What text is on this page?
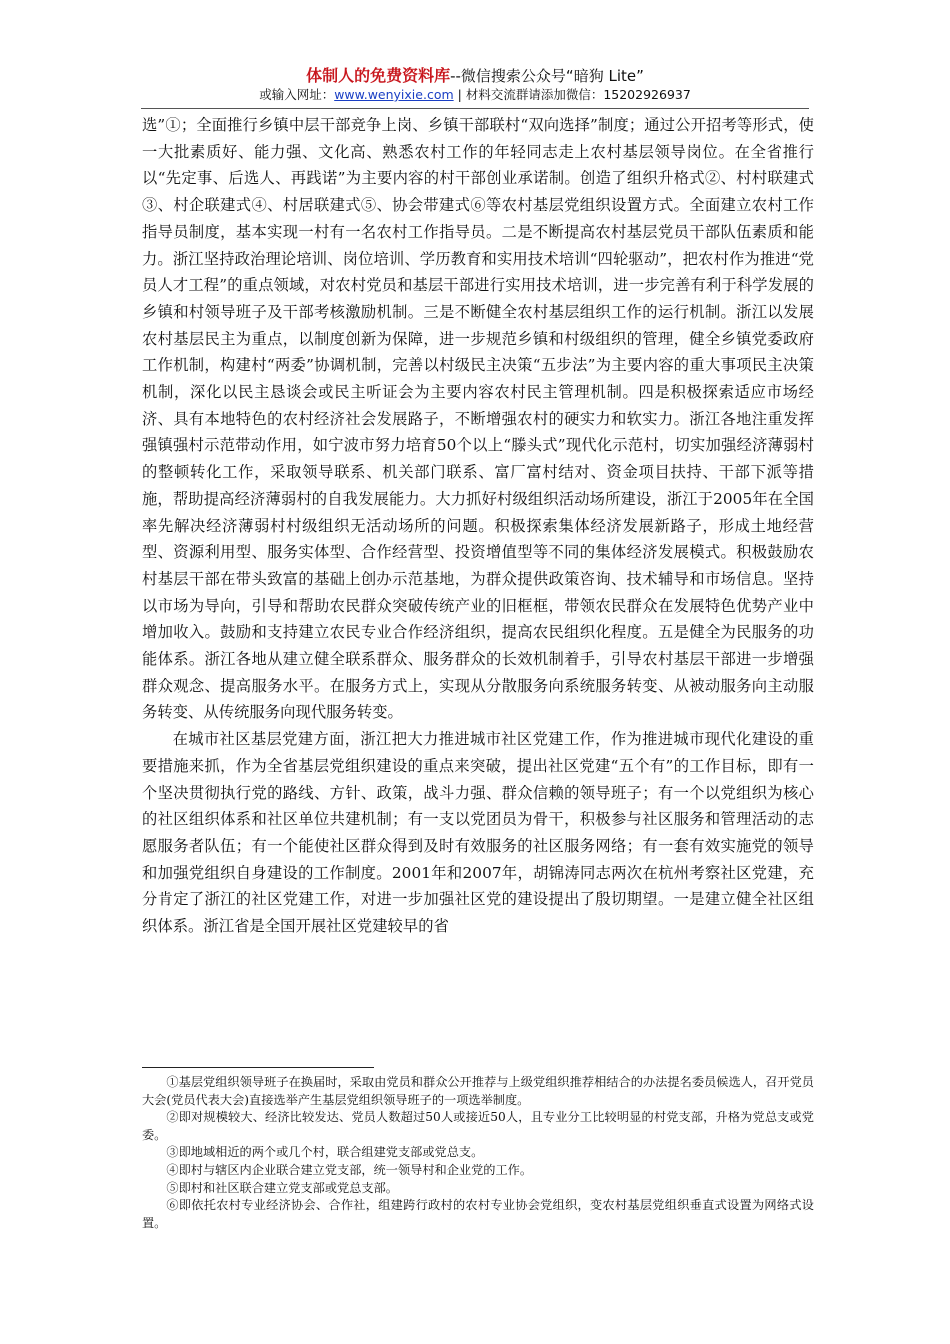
体制人的免费资料库--微信搜索公众号“暗狗 Lite”
或输入网址：www.wenyixie.com | 材料交流群请添加微信：15202926937

选”①；全面推行乡镇中层干部竞争上岗、乡镇干部联村“双向选择”制度；通过公开招考等形式，使一大批素质好、能力强、文化高、熟悉农村工作的年轻同志走上农村基层领导岗位。在全省推行以“先定事、后选人、再践诺”为主要内容的村干部创业承诺制。创造了组织升格式②、村村联建式③、村企联建式④、村居联建式⑤、协会带建式⑥等农村基层党组织设置方式。全面建立农村工作指导员制度，基本实现一村有一名农村工作指导员。二是不断提高农村基层党员干部队伍素质和能力。浙江坚持政治理论培训、岗位培训、学历教育和实用技术培训“四轮驱动”，把农村作为推进“党员人才工程”的重点领域，对农村党员和基层干部进行实用技术培训，进一步完善有利于科学发展的乡镇和村领导班子及干部考核激励机制。三是不断健全农村基层组织工作的运行机制。浙江以发展农村基层民主为重点，以制度创新为保障，进一步规范乡镇和村级组织的管理，健全乡镇党委政府工作机制，构建村“两委”协调机制，完善以村级民主决策“五步法”为主要内容的重大事项民主决策机制，深化以民主恳谈会或民主听证会为主要内容农村民主管理机制。四是积极探索适应市场经济、具有本地特色的农村经济社会发展路子，不断增强农村的硬实力和软实力。浙江各地注重发挥强镇强村示范带动作用，如宁波市努力培育50个以上“滕头式”现代化示范村，切实加强经济薄弱村的整顿转化工作，采取领导联系、机关部门联系、富厂富村结对、资金项目扶持、干部下派等措施，帮助提高经济薄弱村的自我发展能力。大力抓好村级组织活动场所建设，浙江于2005年在全国率先解决经济薄弱村村级组织无活动场所的问题。积极探索集体经济发展新路子，形成土地经营型、资源利用型、服务实体型、合作经营型、投资增值型等不同的集体经济发展模式。积极鼓励农村基层干部在带头致富的基础上创办示范基地，为群众提供政策咨询、技术辅导和市场信息。坚持以市场为导向，引导和帮助农民群众突破传统产业的旧框框，带领农民群众在发展特色优势产业中增加收入。鼓励和支持建立农民专业合作经济组织，提高农民组织化程度。五是健全为民服务的功能体系。浙江各地从建立健全联系群众、服务群众的长效机制着手，引导农村基层干部进一步增强群众观念、提高服务水平。在服务方式上，实现从分散服务向系统服务转变、从被动服务向主动服务转变、从传统服务向现代服务转变。

在城市社区基层党建方面，浙江把大力推进城市社区党建工作，作为推进城市现代化建设的重要措施来抓，作为全省基层党组织建设的重点来突破，提出社区党建“五个有”的工作目标，即有一个坚决贯彻执行党的路线、方针、政策，战斗力强、群众信赖的领导班子；有一个以党组织为核心的社区组织体系和社区单位共建机制；有一支以党团员为骨干，积极参与社区服务和管理活动的志愿服务者队伍；有一个能使社区群众得到及时有效服务的社区服务网络；有一套有效实施党的领导和加强党组织自身建设的工作制度。2001年和2007年，胡锦涛同志两次在杭州考察社区党建，充分肯定了浙江的社区党建工作，对进一步加强社区党的建设提出了殷切期望。一是建立健全社区组织体系。浙江省是全国开展社区党建较早的省

①基层党组织领导班子在换届时，采取由党员和群众公开推荐与上级党组织推荐相结合的办法提名委员候选人，召开党员大会(党员代表大会)直接选举产生基层党组织领导班子的一项选举制度。

②即对规模较大、经济比较发达、党员人数超过50人或接近50人，且专业分工比较明显的村党支部，升格为党总支或党委。

③即地域相近的两个或几个村，联合组建党支部或党总支。

④即村与辖区内企业联合建立党支部，统一领导村和企业党的工作。

⑤即村和社区联合建立党支部或党总支部。

⑥即依托农村专业经济协会、合作社，组建跨行政村的农村专业协会党组织，变农村基层党组织垂直式设置为网络式设置。
